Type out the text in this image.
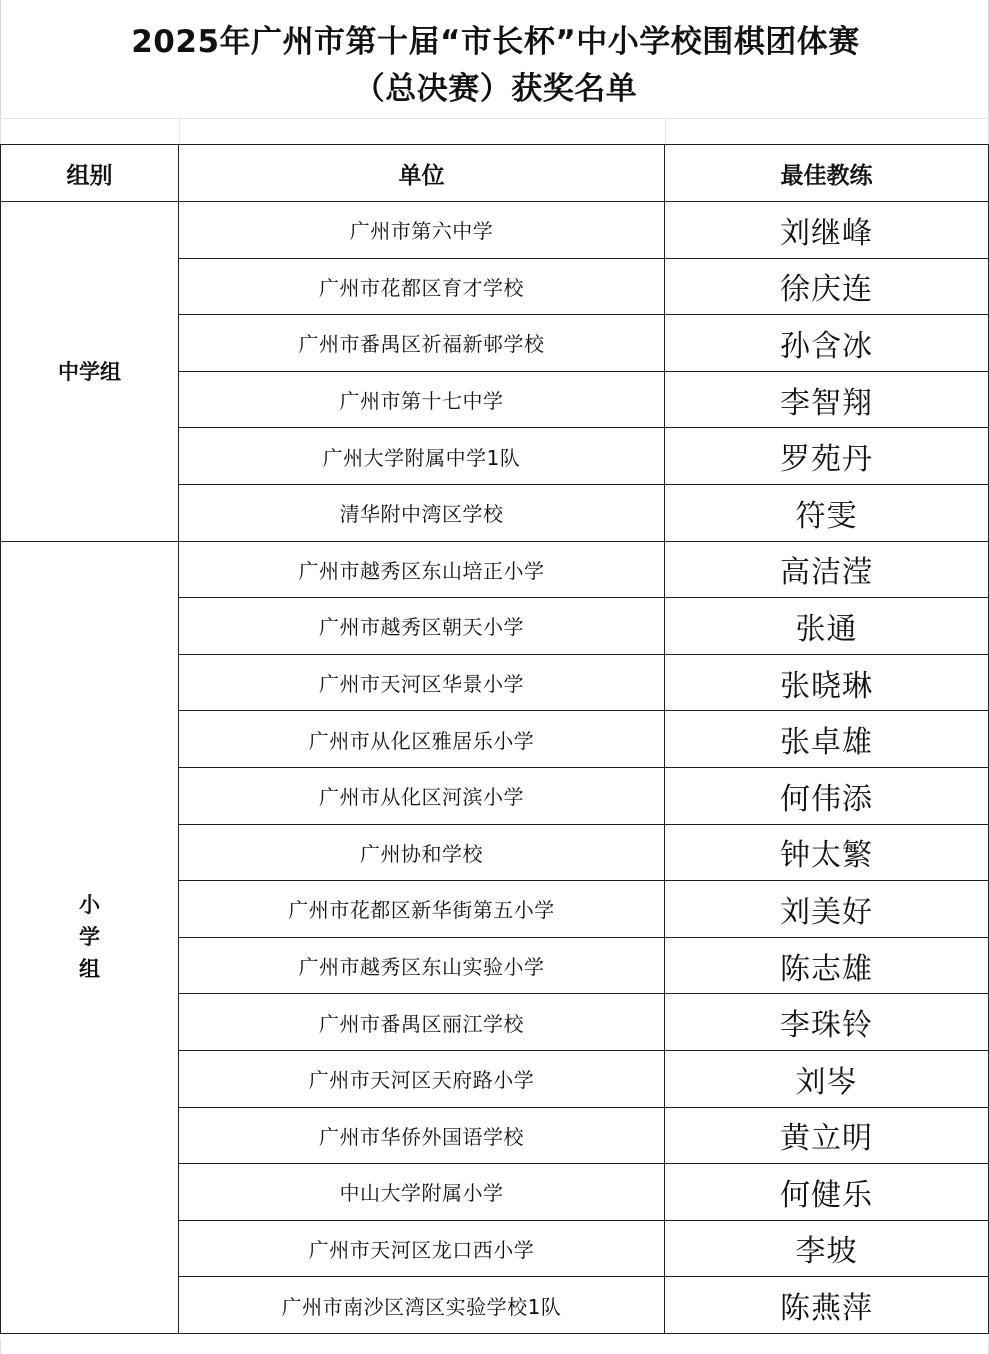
2025年广州市第十届“市长杯”中小学校围棋团体赛
（总决赛）获奖名单
组别	单位	最佳教练
中学组	广州市第六中学	刘继峰
	广州市花都区育才学校	徐庆连
	广州市番禺区祈福新邨学校	孙含冰
	广州市第十七中学	李智翔
	广州大学附属中学1队	罗苑丹
	清华附中湾区学校	符雯
小学组	广州市越秀区东山培正小学	高洁滢
	广州市越秀区朝天小学	张通
	广州市天河区华景小学	张晓琳
	广州市从化区雅居乐小学	张卓雄
	广州市从化区河滨小学	何伟添
	广州协和学校	钟太繁
	广州市花都区新华街第五小学	刘美好
	广州市越秀区东山实验小学	陈志雄
	广州市番禺区丽江学校	李珠铃
	广州市天河区天府路小学	刘岑
	广州市华侨外国语学校	黄立明
	中山大学附属小学	何健乐
	广州市天河区龙口西小学	李坡
	广州市南沙区湾区实验学校1队	陈燕萍
